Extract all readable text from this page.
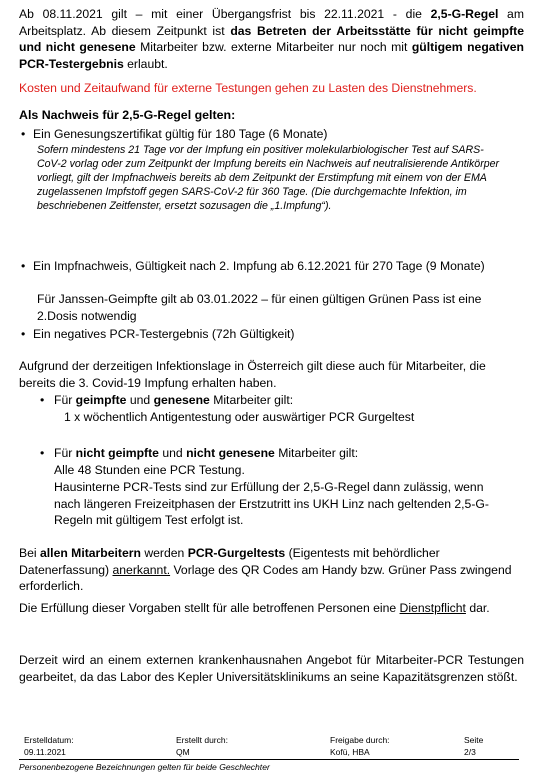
Ab 08.11.2021 gilt – mit einer Übergangsfrist bis 22.11.2021 - die 2,5-G-Regel am Arbeitsplatz. Ab diesem Zeitpunkt ist das Betreten der Arbeitsstätte für nicht geimpfte und nicht genesene Mitarbeiter bzw. externe Mitarbeiter nur noch mit gültigem negativen PCR-Testergebnis erlaubt.
Kosten und Zeitaufwand für externe Testungen gehen zu Lasten des Dienstnehmers.
Als Nachweis für 2,5-G-Regel gelten:
• Ein Genesungszertifikat gültig für 180 Tage (6 Monate)
Sofern mindestens 21 Tage vor der Impfung ein positiver molekularbiologischer Test auf SARS-CoV-2 vorlag oder zum Zeitpunkt der Impfung bereits ein Nachweis auf neutralisierende Antikörper vorliegt, gilt der Impfnachweis bereits ab dem Zeitpunkt der Erstimpfung mit einem von der EMA zugelassenen Impfstoff gegen SARS-CoV-2 für 360 Tage. (Die durchgemachte Infektion, im beschriebenen Zeitfenster, ersetzt sozusagen die „1.Impfung“).
• Ein Impfnachweis, Gültigkeit nach 2. Impfung ab 6.12.2021 für 270 Tage (9 Monate)
Für Janssen-Geimpfte gilt ab 03.01.2022 – für einen gültigen Grünen Pass ist eine 2.Dosis notwendig
• Ein negatives PCR-Testergebnis (72h Gültigkeit)
Aufgrund der derzeitigen Infektionslage in Österreich gilt diese auch für Mitarbeiter, die bereits die 3. Covid-19 Impfung erhalten haben.
• Für geimpfte und genesene Mitarbeiter gilt:
1 x wöchentlich Antigentestung oder auswärtiger PCR Gurgeltest
• Für nicht geimpfte und nicht genesene Mitarbeiter gilt:
Alle 48 Stunden eine PCR Testung.
Hausinterne PCR-Tests sind zur Erfüllung der 2,5-G-Regel dann zulässig, wenn nach längeren Freizeitphasen der Erstzutritt ins UKH Linz nach geltenden 2,5-G-Regeln mit gültigem Test erfolgt ist.
Bei allen Mitarbeitern werden PCR-Gurgeltests (Eigentests mit behördlicher Datenerfassung) anerkannt. Vorlage des QR Codes am Handy bzw. Grüner Pass zwingend erforderlich.
Die Erfüllung dieser Vorgaben stellt für alle betroffenen Personen eine Dienstpflicht dar.
Derzeit wird an einem externen krankenhausnahen Angebot für Mitarbeiter-PCR Testungen gearbeitet, da das Labor des Kepler Universitätsklinikums an seine Kapazitätsgrenzen stößt.
Erstelldatum:
09.11.2021
Erstellt durch:
QM
Freigabe durch:
Kofü, HBA
Seite
2/3
Personenbezogene Bezeichnungen gelten für beide Geschlechter
